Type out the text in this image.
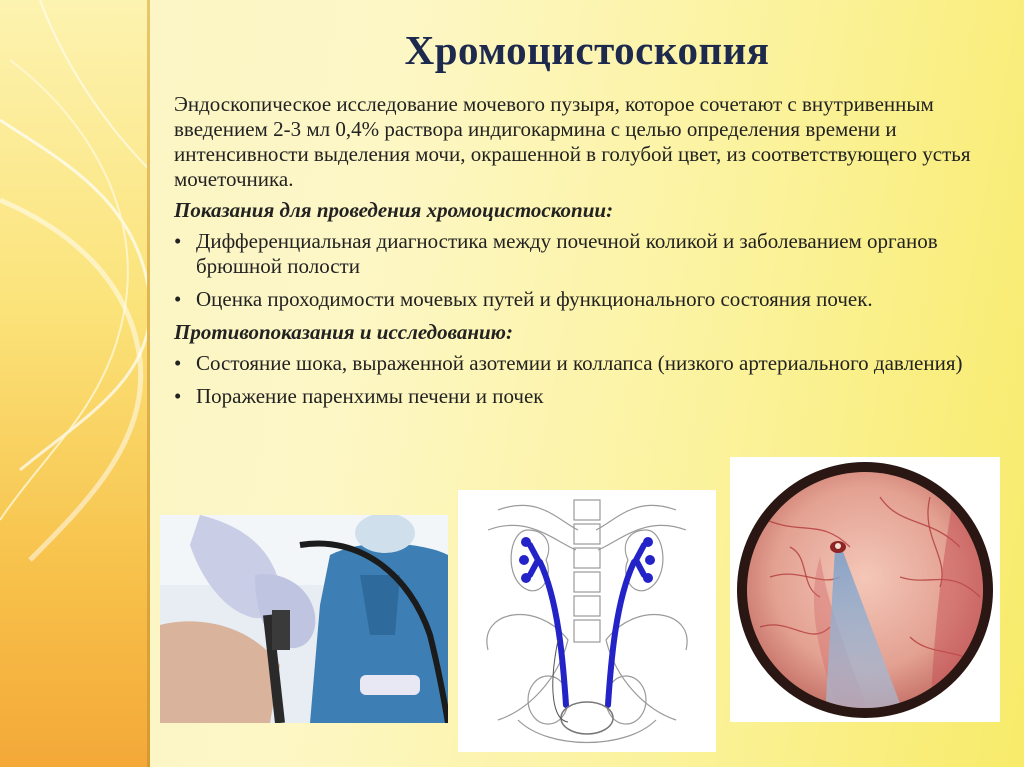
Хромоцистоскопия

Эндоскопическое исследование мочевого пузыря, которое сочетают с внутривенным введением 2-3 мл 0,4% раствора индигокармина с целью определения времени и интенсивности выделения мочи, окрашенной в голубой цвет, из соответствующего устья мочеточника.

Показания для проведения хромоцистоскопии:
• Дифференциальная диагностика между почечной коликой и заболеванием органов брюшной полости
• Оценка проходимости мочевых путей и функционального состояния почек.
Противопоказания и исследованию:
• Состояние шока, выраженной азотемии и коллапса (низкого артериального давления)
• Поражение паренхимы печени и почек
